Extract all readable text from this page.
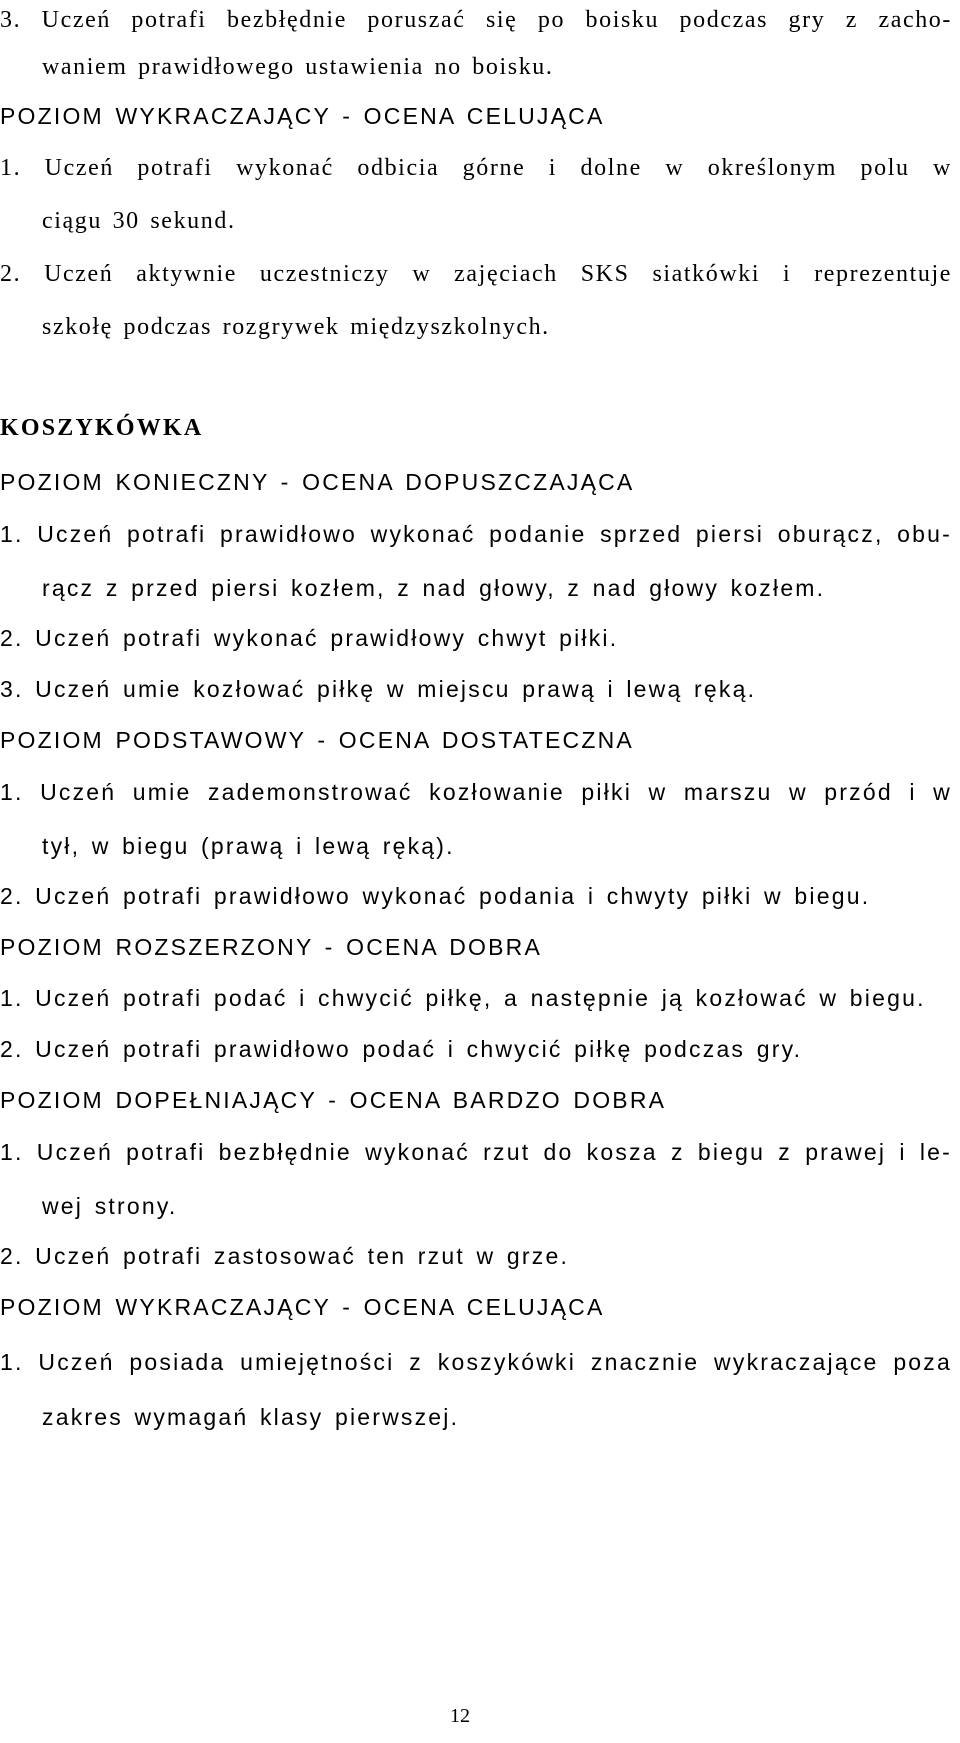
3. Uczeń potrafi bezbłędnie poruszać się po boisku podczas gry z zacho-
waniem prawidłowego ustawienia no boisku.
POZIOM WYKRACZAJĄCY - OCENA CELUJĄCA
1. Uczeń potrafi wykonać odbicia górne i dolne w określonym polu w
ciągu 30 sekund.
2. Uczeń aktywnie uczestniczy w zajęciach SKS siatkówki i reprezentuje
szkołę podczas rozgrywek międzyszkolnych.
KOSZYKÓWKA
POZIOM KONIECZNY - OCENA DOPUSZCZAJĄCA
1. Uczeń potrafi prawidłowo wykonać podanie sprzed piersi oburącz, obu-
rącz z przed piersi kozłem, z nad głowy, z nad głowy kozłem.
2. Uczeń potrafi wykonać prawidłowy chwyt piłki.
3. Uczeń umie kozłować piłkę w miejscu prawą i lewą ręką.
POZIOM PODSTAWOWY - OCENA DOSTATECZNA
1. Uczeń umie zademonstrować kozłowanie piłki w marszu w przód i w
tył, w biegu (prawą i lewą ręką).
2. Uczeń potrafi prawidłowo wykonać podania i chwyty piłki w biegu.
POZIOM ROZSZERZONY - OCENA DOBRA
1. Uczeń potrafi podać i chwycić piłkę, a następnie ją kozłować w biegu.
2. Uczeń potrafi prawidłowo podać i chwycić piłkę podczas gry.
POZIOM DOPEŁNIAJĄCY - OCENA BARDZO DOBRA
1. Uczeń potrafi bezbłędnie wykonać rzut do kosza z biegu z prawej i le-
wej strony.
2. Uczeń potrafi zastosować ten rzut w grze.
POZIOM WYKRACZAJĄCY - OCENA CELUJĄCA
1. Uczeń posiada umiejętności z koszykówki znacznie wykraczające poza
zakres wymagań klasy pierwszej.
12
